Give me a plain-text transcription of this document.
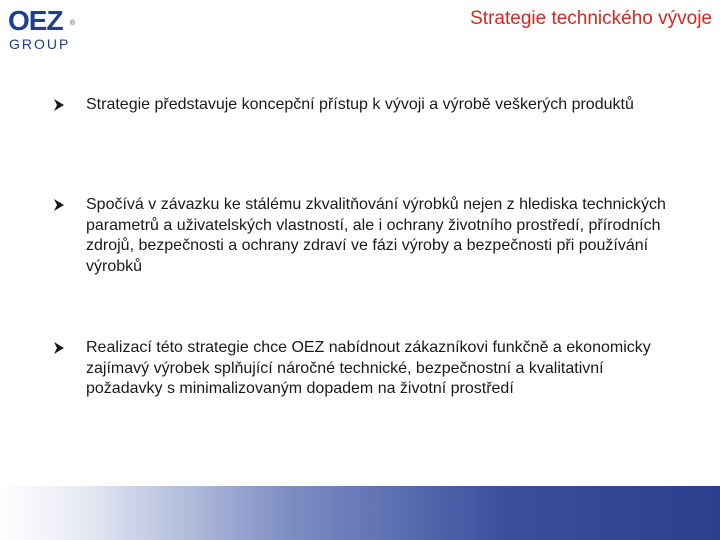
OEZ ®
GROUP
Strategie technického vývoje
Strategie představuje koncepční přístup k vývoji a výrobě veškerých produktů
Spočívá v závazku ke stálému zkvalitňování výrobků nejen z hlediska technických parametrů a uživatelských vlastností, ale i ochrany životního prostředí, přírodních zdrojů, bezpečnosti a ochrany zdraví ve fázi výroby a bezpečnosti při používání výrobků
Realizací této strategie chce OEZ nabídnout zákazníkovi funkčně a ekonomicky zajímavý výrobek splňující náročné technické, bezpečnostní a kvalitativní požadavky s minimalizovaným dopadem na životní prostředí
